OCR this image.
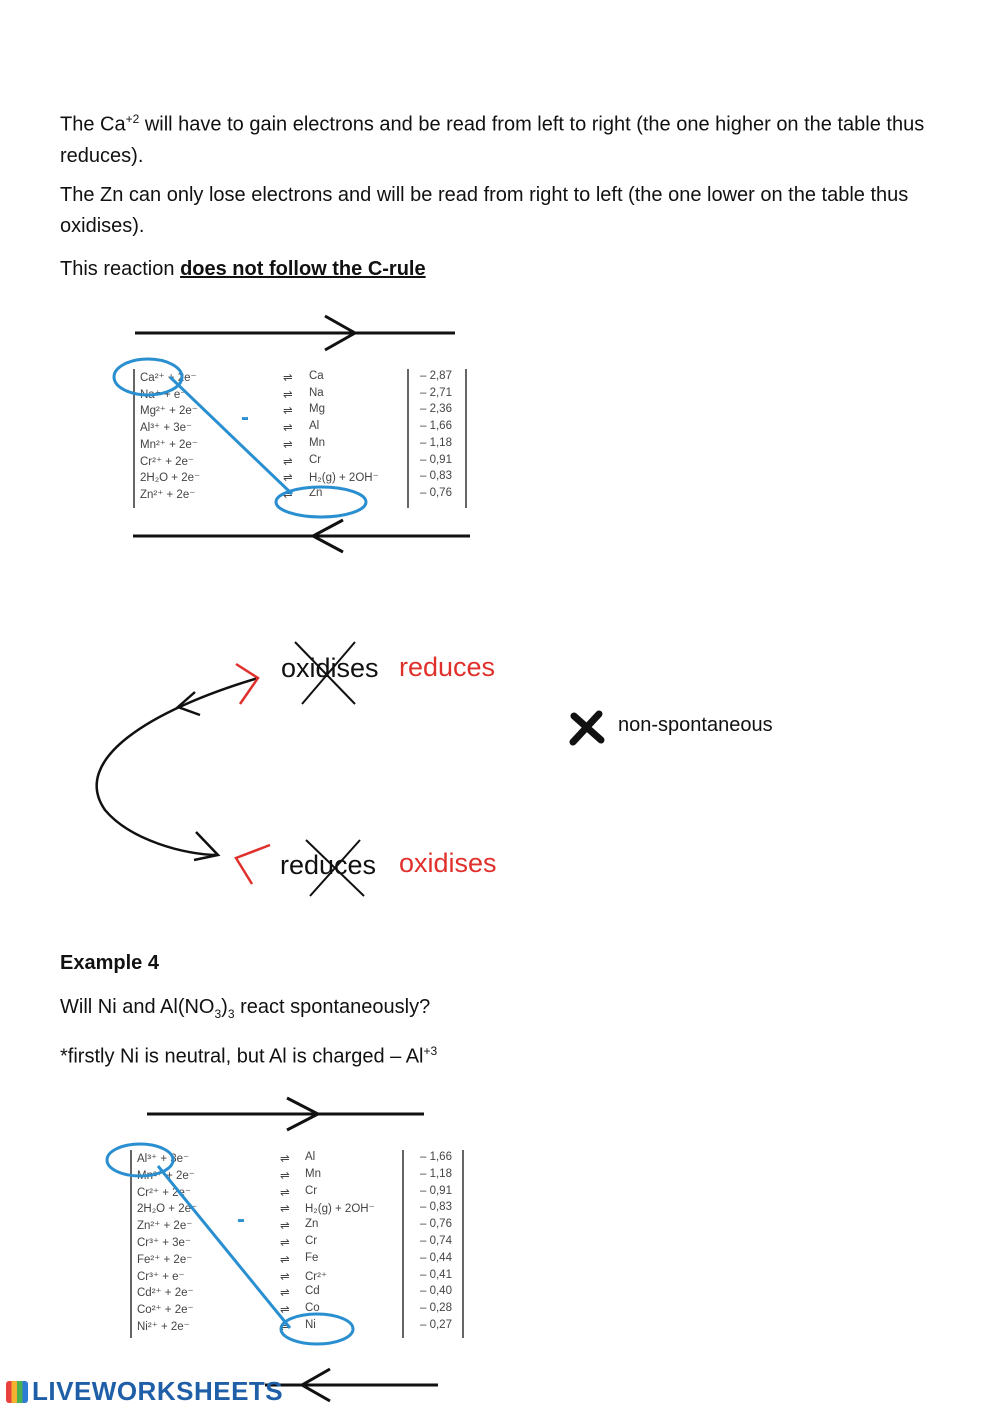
The $Ca^{+2}$ will have to gain electrons and be read from left to right (the one higher on the table thus reduces).

The Zn can only lose electrons and will be read from right to left (the one lower on the table thus oxidises).

This reaction does not follow the C-rule

Ca²⁺ + 2e⁻	⇌ Ca	– 2,87
Na⁺ + e⁻	⇌ Na	– 2,71
Mg²⁺ + 2e⁻	⇌ Mg	– 2,36
Al³⁺ + 3e⁻	⇌ Al	– 1,66
Mn²⁺ + 2e⁻	⇌ Mn	– 1,18
Cr²⁺ + 2e⁻	⇌ Cr	– 0,91
2H₂O + 2e⁻	⇌ H₂(g) + 2OH⁻	– 0,83
Zn²⁺ + 2e⁻	⇌ Zn	– 0,76
-
Al³⁺ + 3e⁻	⇌ Al	– 1,66
Mn²⁺ + 2e⁻	⇌ Mn	– 1,18
Cr²⁺ + 2e⁻	⇌ Cr	– 0,91
2H₂O + 2e⁻	⇌ H₂(g) + 2OH⁻	– 0,83
Zn²⁺ + 2e⁻	⇌ Zn	– 0,76
Cr³⁺ + 3e⁻	⇌ Cr	– 0,74
Fe²⁺ + 2e⁻	⇌ Fe	– 0,44
Cr³⁺ + e⁻	⇌ Cr²⁺	– 0,41
Cd²⁺ + 2e⁻	⇌ Cd	– 0,40
Co²⁺ + 2e⁻	⇌ Co	– 0,28
Ni²⁺ + 2e⁻	⇌ Ni	– 0,27
-
oxidises reduces
reduces oxidises
non-spontaneous

Example 4

Will Ni and $Al(NO_3)_3$ react spontaneously?

*firstly Ni is neutral, but Al is charged – $Al^{+3}$

LIVEWORKSHEETS
